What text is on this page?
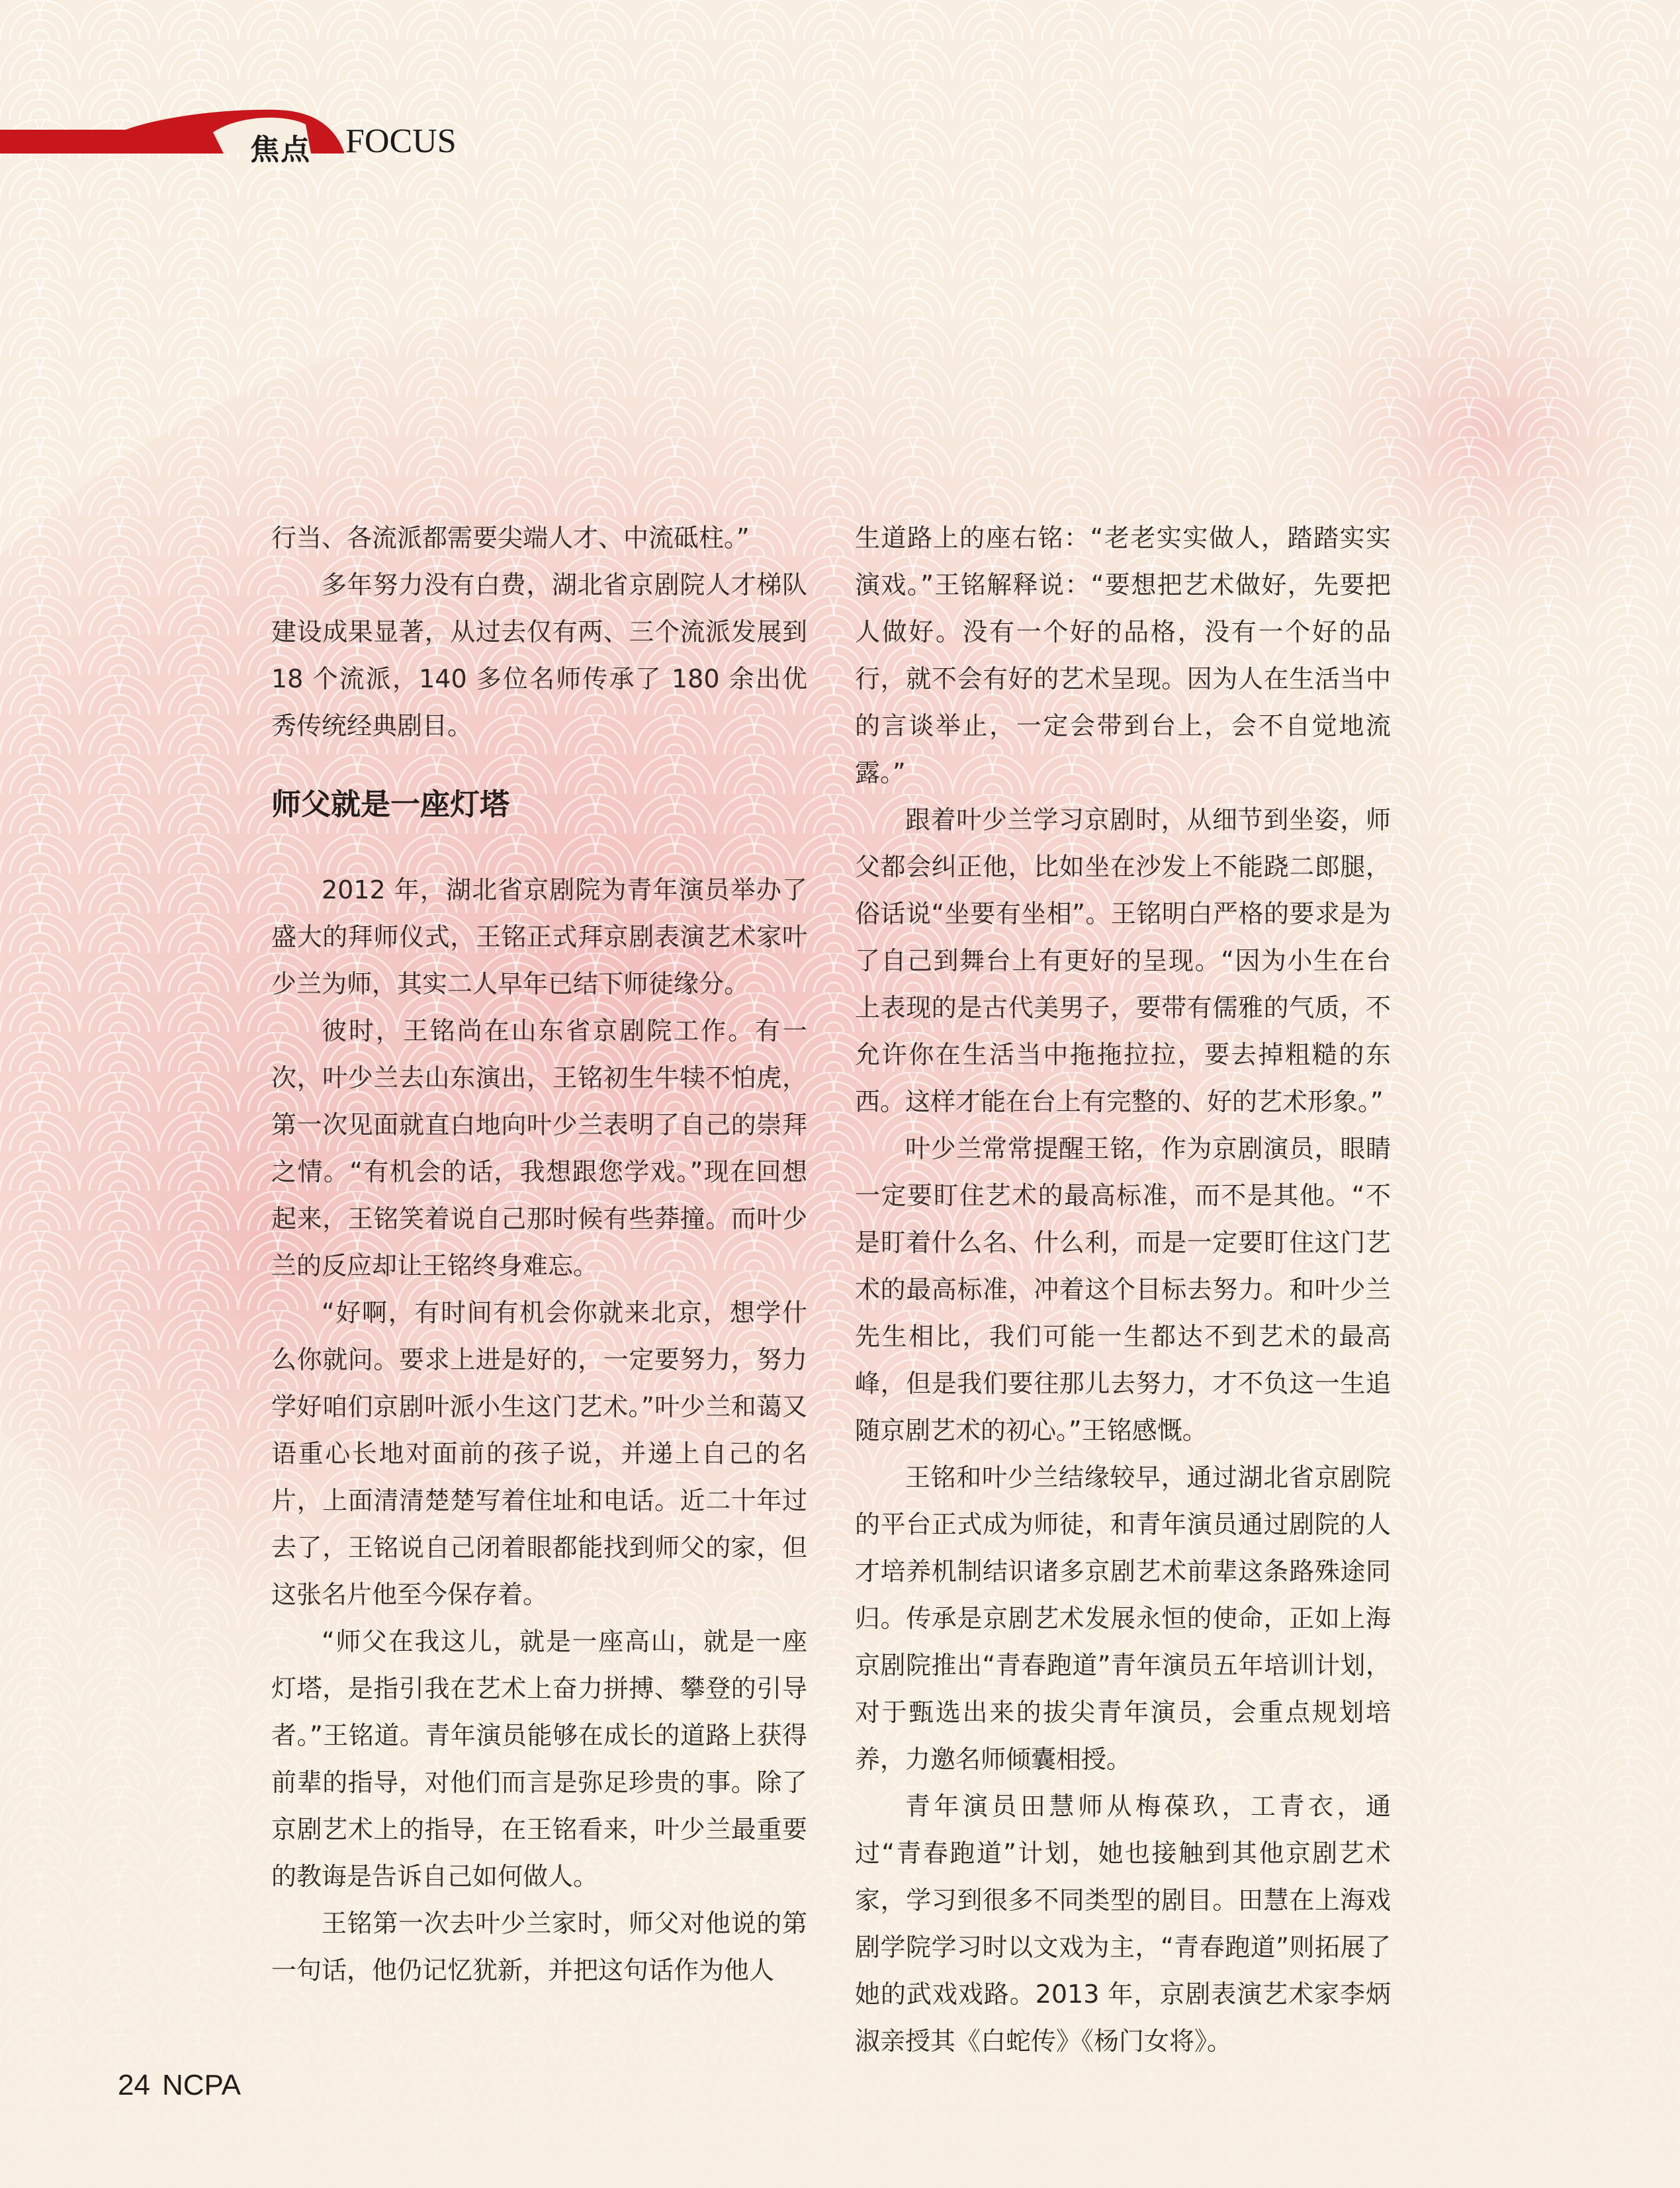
焦点 FOCUS

行当、各流派都需要尖端人才、中流砥柱。”

多年努力没有白费，湖北省京剧院人才梯队建设成果显著，从过去仅有两、三个流派发展到 18 个流派，140 多位名师传承了 180 余出优秀传统经典剧目。

师父就是一座灯塔

2012 年，湖北省京剧院为青年演员举办了盛大的拜师仪式，王铭正式拜京剧表演艺术家叶少兰为师，其实二人早年已结下师徒缘分。

彼时，王铭尚在山东省京剧院工作。有一次，叶少兰去山东演出，王铭初生牛犊不怕虎，第一次见面就直白地向叶少兰表明了自己的崇拜之情。“有机会的话，我想跟您学戏。”现在回想起来，王铭笑着说自己那时候有些莽撞。而叶少兰的反应却让王铭终身难忘。

“好啊，有时间有机会你就来北京，想学什么你就问。要求上进是好的，一定要努力，努力学好咱们京剧叶派小生这门艺术。”叶少兰和蔼又语重心长地对面前的孩子说，并递上自己的名片，上面清清楚楚写着住址和电话。近二十年过去了，王铭说自己闭着眼都能找到师父的家，但这张名片他至今保存着。

“师父在我这儿，就是一座高山，就是一座灯塔，是指引我在艺术上奋力拼搏、攀登的引导者。”王铭道。青年演员能够在成长的道路上获得前辈的指导，对他们而言是弥足珍贵的事。除了京剧艺术上的指导，在王铭看来，叶少兰最重要的教诲是告诉自己如何做人。

王铭第一次去叶少兰家时，师父对他说的第一句话，他仍记忆犹新，并把这句话作为他人

生道路上的座右铭：“老老实实做人，踏踏实实演戏。”王铭解释说：“要想把艺术做好，先要把人做好。没有一个好的品格，没有一个好的品行，就不会有好的艺术呈现。因为人在生活当中的言谈举止，一定会带到台上，会不自觉地流露。”

跟着叶少兰学习京剧时，从细节到坐姿，师父都会纠正他，比如坐在沙发上不能跷二郎腿，俗话说“坐要有坐相”。王铭明白严格的要求是为了自己到舞台上有更好的呈现。“因为小生在台上表现的是古代美男子，要带有儒雅的气质，不允许你在生活当中拖拖拉拉，要去掉粗糙的东西。这样才能在台上有完整的、好的艺术形象。”

叶少兰常常提醒王铭，作为京剧演员，眼睛一定要盯住艺术的最高标准，而不是其他。“不是盯着什么名、什么利，而是一定要盯住这门艺术的最高标准，冲着这个目标去努力。和叶少兰先生相比，我们可能一生都达不到艺术的最高峰，但是我们要往那儿去努力，才不负这一生追随京剧艺术的初心。”王铭感慨。

王铭和叶少兰结缘较早，通过湖北省京剧院的平台正式成为师徒，和青年演员通过剧院的人才培养机制结识诸多京剧艺术前辈这条路殊途同归。传承是京剧艺术发展永恒的使命，正如上海京剧院推出“青春跑道”青年演员五年培训计划，对于甄选出来的拔尖青年演员，会重点规划培养，力邀名师倾囊相授。

青年演员田慧师从梅葆玖，工青衣，通过“青春跑道”计划，她也接触到其他京剧艺术家，学习到很多不同类型的剧目。田慧在上海戏剧学院学习时以文戏为主，“青春跑道”则拓展了她的武戏戏路。2013 年，京剧表演艺术家李炳淑亲授其《白蛇传》《杨门女将》。

24 NCPA
